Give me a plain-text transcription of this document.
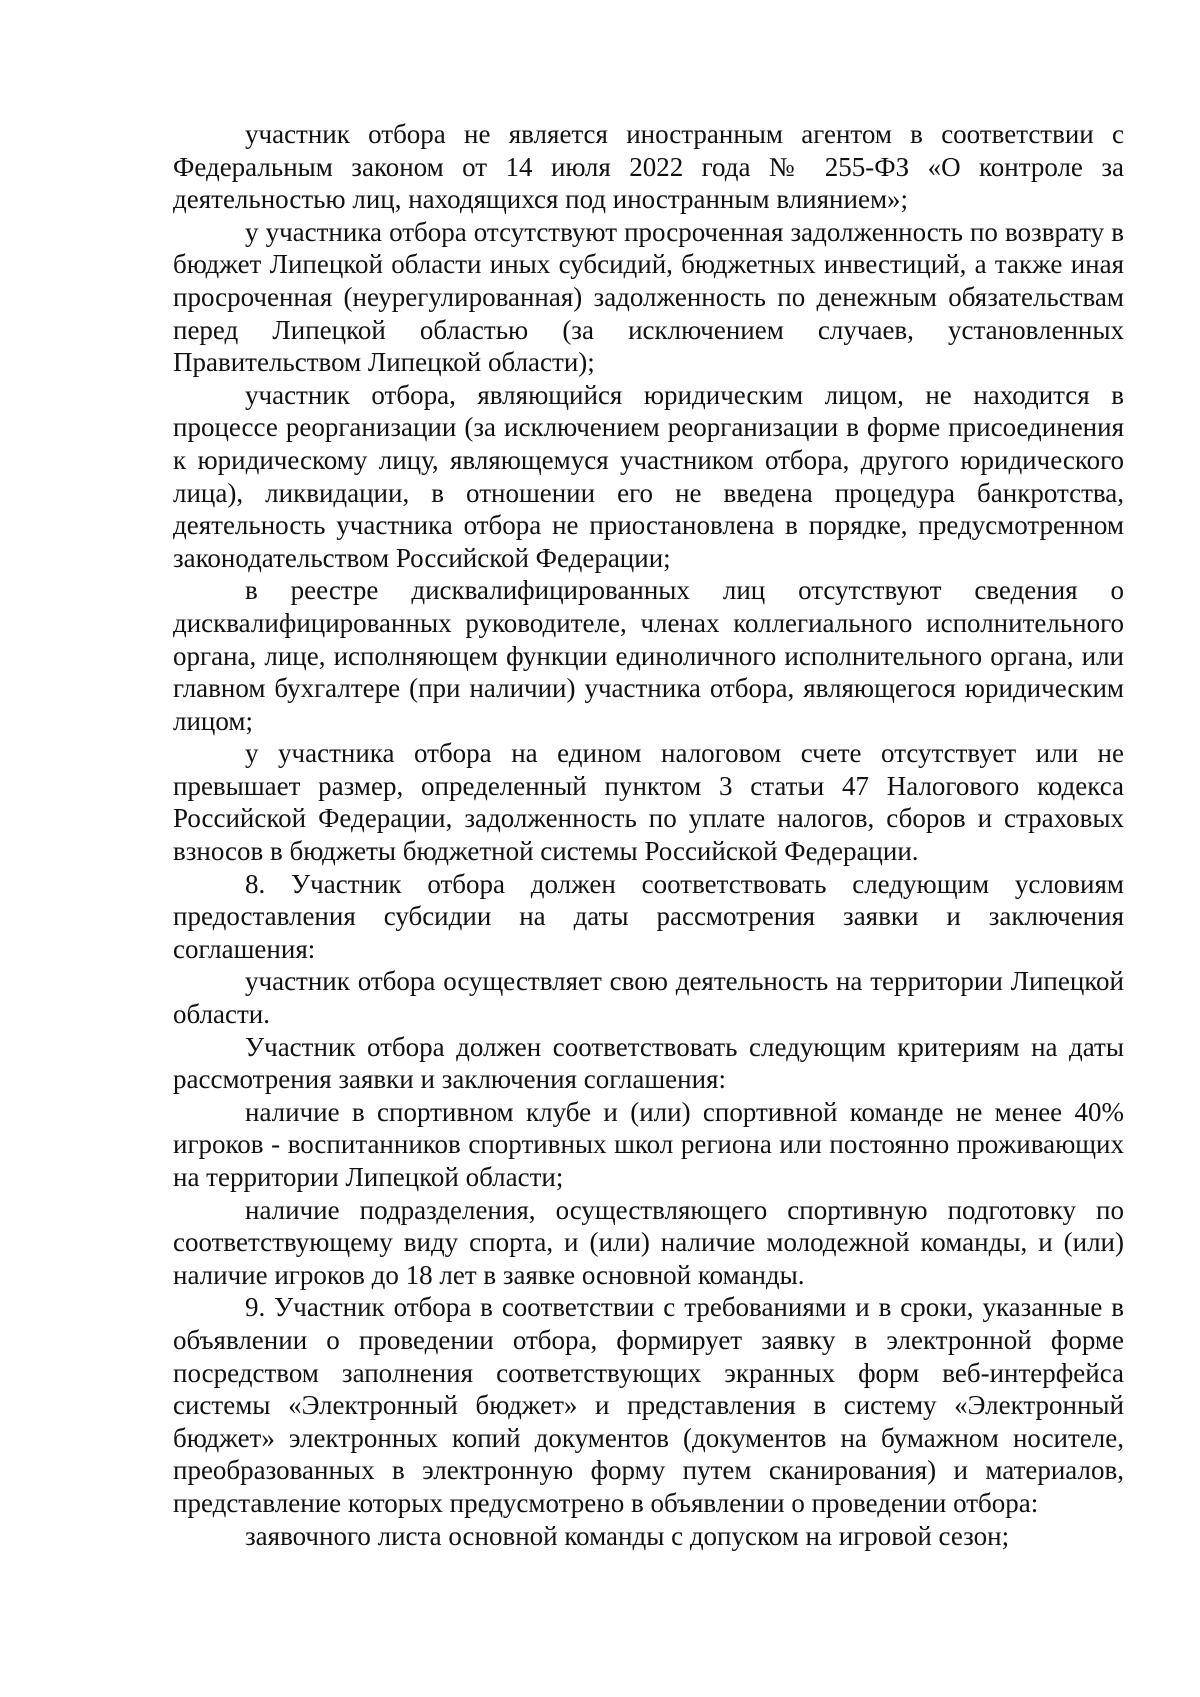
участник отбора не является иностранным агентом в соответствии с Федеральным законом от 14 июля 2022 года № 255-ФЗ «О контроле за деятельностью лиц, находящихся под иностранным влиянием»;

у участника отбора отсутствуют просроченная задолженность по возврату в бюджет Липецкой области иных субсидий, бюджетных инвестиций, а также иная просроченная (неурегулированная) задолженность по денежным обязательствам перед Липецкой областью (за исключением случаев, установленных Правительством Липецкой области);

участник отбора, являющийся юридическим лицом, не находится в процессе реорганизации (за исключением реорганизации в форме присоединения к юридическому лицу, являющемуся участником отбора, другого юридического лица), ликвидации, в отношении его не введена процедура банкротства, деятельность участника отбора не приостановлена в порядке, предусмотренном законодательством Российской Федерации;

в реестре дисквалифицированных лиц отсутствуют сведения о дисквалифицированных руководителе, членах коллегиального исполнительного органа, лице, исполняющем функции единоличного исполнительного органа, или главном бухгалтере (при наличии) участника отбора, являющегося юридическим лицом;

у участника отбора на едином налоговом счете отсутствует или не превышает размер, определенный пунктом 3 статьи 47 Налогового кодекса Российской Федерации, задолженность по уплате налогов, сборов и страховых взносов в бюджеты бюджетной системы Российской Федерации.

8. Участник отбора должен соответствовать следующим условиям предоставления субсидии на даты рассмотрения заявки и заключения соглашения:

участник отбора осуществляет свою деятельность на территории Липецкой области.

Участник отбора должен соответствовать следующим критериям на даты рассмотрения заявки и заключения соглашения:

наличие в спортивном клубе и (или) спортивной команде не менее 40% игроков - воспитанников спортивных школ региона или постоянно проживающих на территории Липецкой области;

наличие подразделения, осуществляющего спортивную подготовку по соответствующему виду спорта, и (или) наличие молодежной команды, и (или) наличие игроков до 18 лет в заявке основной команды.

9. Участник отбора в соответствии с требованиями и в сроки, указанные в объявлении о проведении отбора, формирует заявку в электронной форме посредством заполнения соответствующих экранных форм веб-интерфейса системы «Электронный бюджет» и представления в систему «Электронный бюджет» электронных копий документов (документов на бумажном носителе, преобразованных в электронную форму путем сканирования) и материалов, представление которых предусмотрено в объявлении о проведении отбора:

заявочного листа основной команды с допуском на игровой сезон;
